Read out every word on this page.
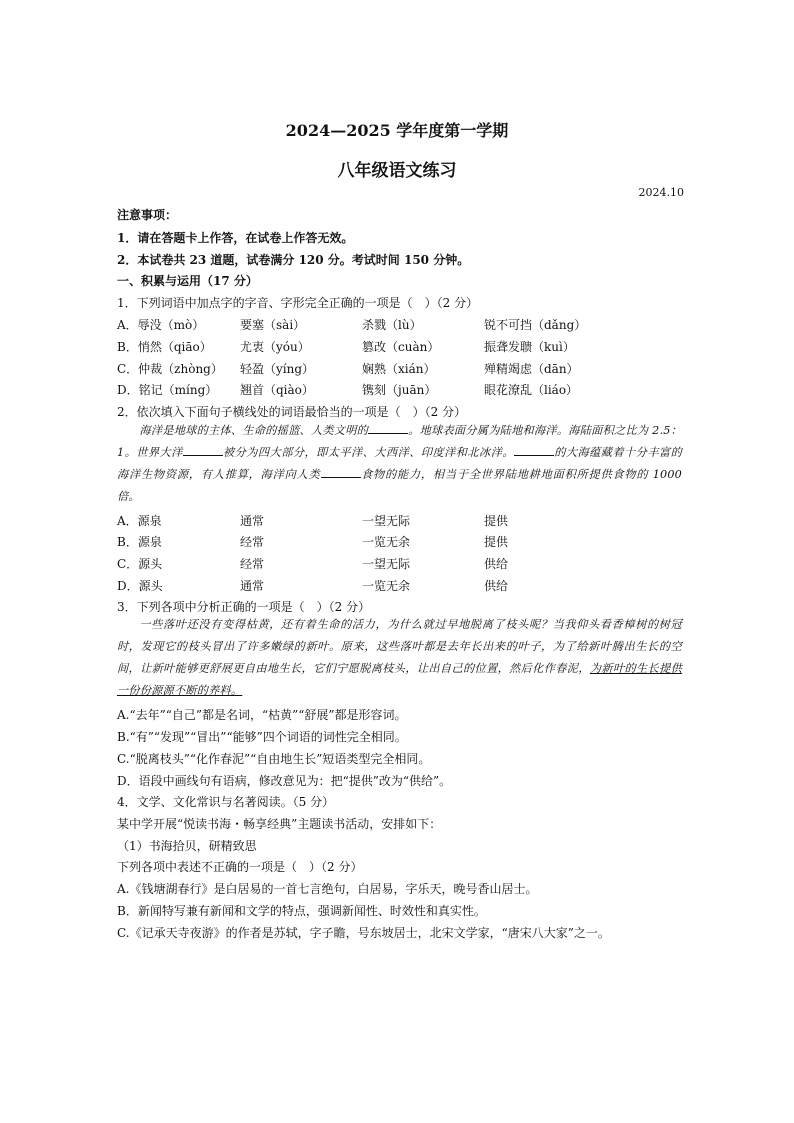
2024—2025 学年度第一学期
八年级语文练习
2024.10
注意事项：
1．请在答题卡上作答，在试卷上作答无效。
2．本试卷共 23 道题，试卷满分 120 分。考试时间 150 分钟。
一、积累与运用（17 分）
1．下列词语中加点字的字音、字形完全正确的一项是（　）（2 分）
A．辱没（mò）	要塞（sài）	杀戮（lù）	锐不可挡（dǎng）
B．悄然（qiāo） 尤衷（yóu）	篡改（cuàn）	振聋发聩（kuì）
C．仲裁（zhòng） 轻盈（yíng）	娴熟（xián）	殚精竭虑（dān）
D．铭记（míng） 翘首（qiào）	镌刻（juān）	眼花潦乱（liáo）
2．依次填入下面句子横线处的词语最恰当的一项是（　）（2 分）

海洋是地球的主体、生命的摇篮、人类文明的	。地球表面分属为陆地和海洋。海陆面积之比为 2.5：1。世界大洋	被分为四大部分，即太平洋、大西洋、印度洋和北冰洋。	的大海蕴藏着十分丰富的海洋生物资源，有人推算，海洋向人类	食物的能力，相当于全世界陆地耕地面积所提供食物的 1000 倍。

A．源泉	通常	一望无际	提供
B．源泉	经常	一览无余	提供
C．源头	经常	一望无际	供给
D．源头	通常	一览无余	供给
3．下列各项中分析正确的一项是（　）（2 分）

一些落叶还没有变得枯黄，还有着生命的活力，为什么就过早地脱离了枝头呢？当我仰头看香樟树的树冠时，发现它的枝头冒出了许多嫩绿的新叶。原来，这些落叶都是去年长出来的叶子，为了给新叶腾出生长的空间，让新叶能够更舒展更自由地生长，它们宁愿脱离枝头，让出自己的位置，然后化作春泥，为新叶的生长提供一份份源源不断的养料。

A.“去年”“自己”都是名词，“枯黄”“舒展”都是形容词。
B.“有”“发现”“冒出”“能够”四个词语的词性完全相同。
C.“脱离枝头”“化作春泥”“自由地生长”短语类型完全相同。
D．语段中画线句有语病，修改意见为：把“提供”改为“供给”。
4．文学、文化常识与名著阅读。（5 分）
某中学开展“悦读书海・畅享经典”主题读书活动，安排如下：
（1）书海拾贝，研精致思
下列各项中表述不正确的一项是（　）（2 分）
A.《钱塘湖春行》是白居易的一首七言绝句，白居易，字乐天，晚号香山居士。
B．新闻特写兼有新闻和文学的特点，强调新闻性、时效性和真实性。
C.《记承天寺夜游》的作者是苏轼，字子瞻，号东坡居士，北宋文学家，“唐宋八大家”之一。
